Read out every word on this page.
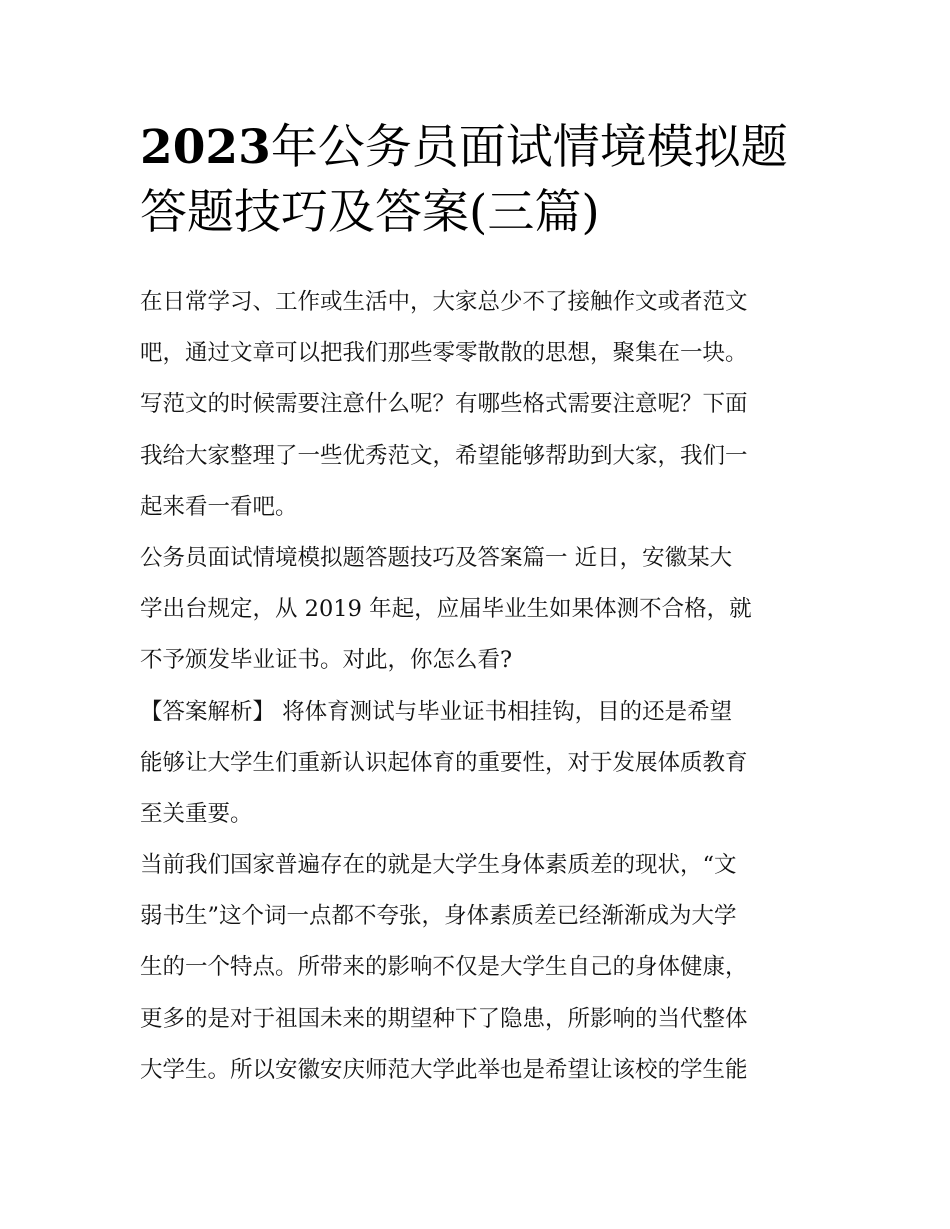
2023年公务员面试情境模拟题
答题技巧及答案(三篇)
在日常学习、工作或生活中，大家总少不了接触作文或者范文
吧，通过文章可以把我们那些零零散散的思想，聚集在一块。
写范文的时候需要注意什么呢？有哪些格式需要注意呢？下面
我给大家整理了一些优秀范文，希望能够帮助到大家，我们一
起来看一看吧。
公务员面试情境模拟题答题技巧及答案篇一 近日，安徽某大
学出台规定，从 2019 年起，应届毕业生如果体测不合格，就
不予颁发毕业证书。对此，你怎么看?
【答案解析】 将体育测试与毕业证书相挂钩，目的还是希望
能够让大学生们重新认识起体育的重要性，对于发展体质教育
至关重要。
当前我们国家普遍存在的就是大学生身体素质差的现状，“文
弱书生”这个词一点都不夸张，身体素质差已经渐渐成为大学
生的一个特点。所带来的影响不仅是大学生自己的身体健康，
更多的是对于祖国未来的期望种下了隐患，所影响的当代整体
大学生。所以安徽安庆师范大学此举也是希望让该校的学生能
